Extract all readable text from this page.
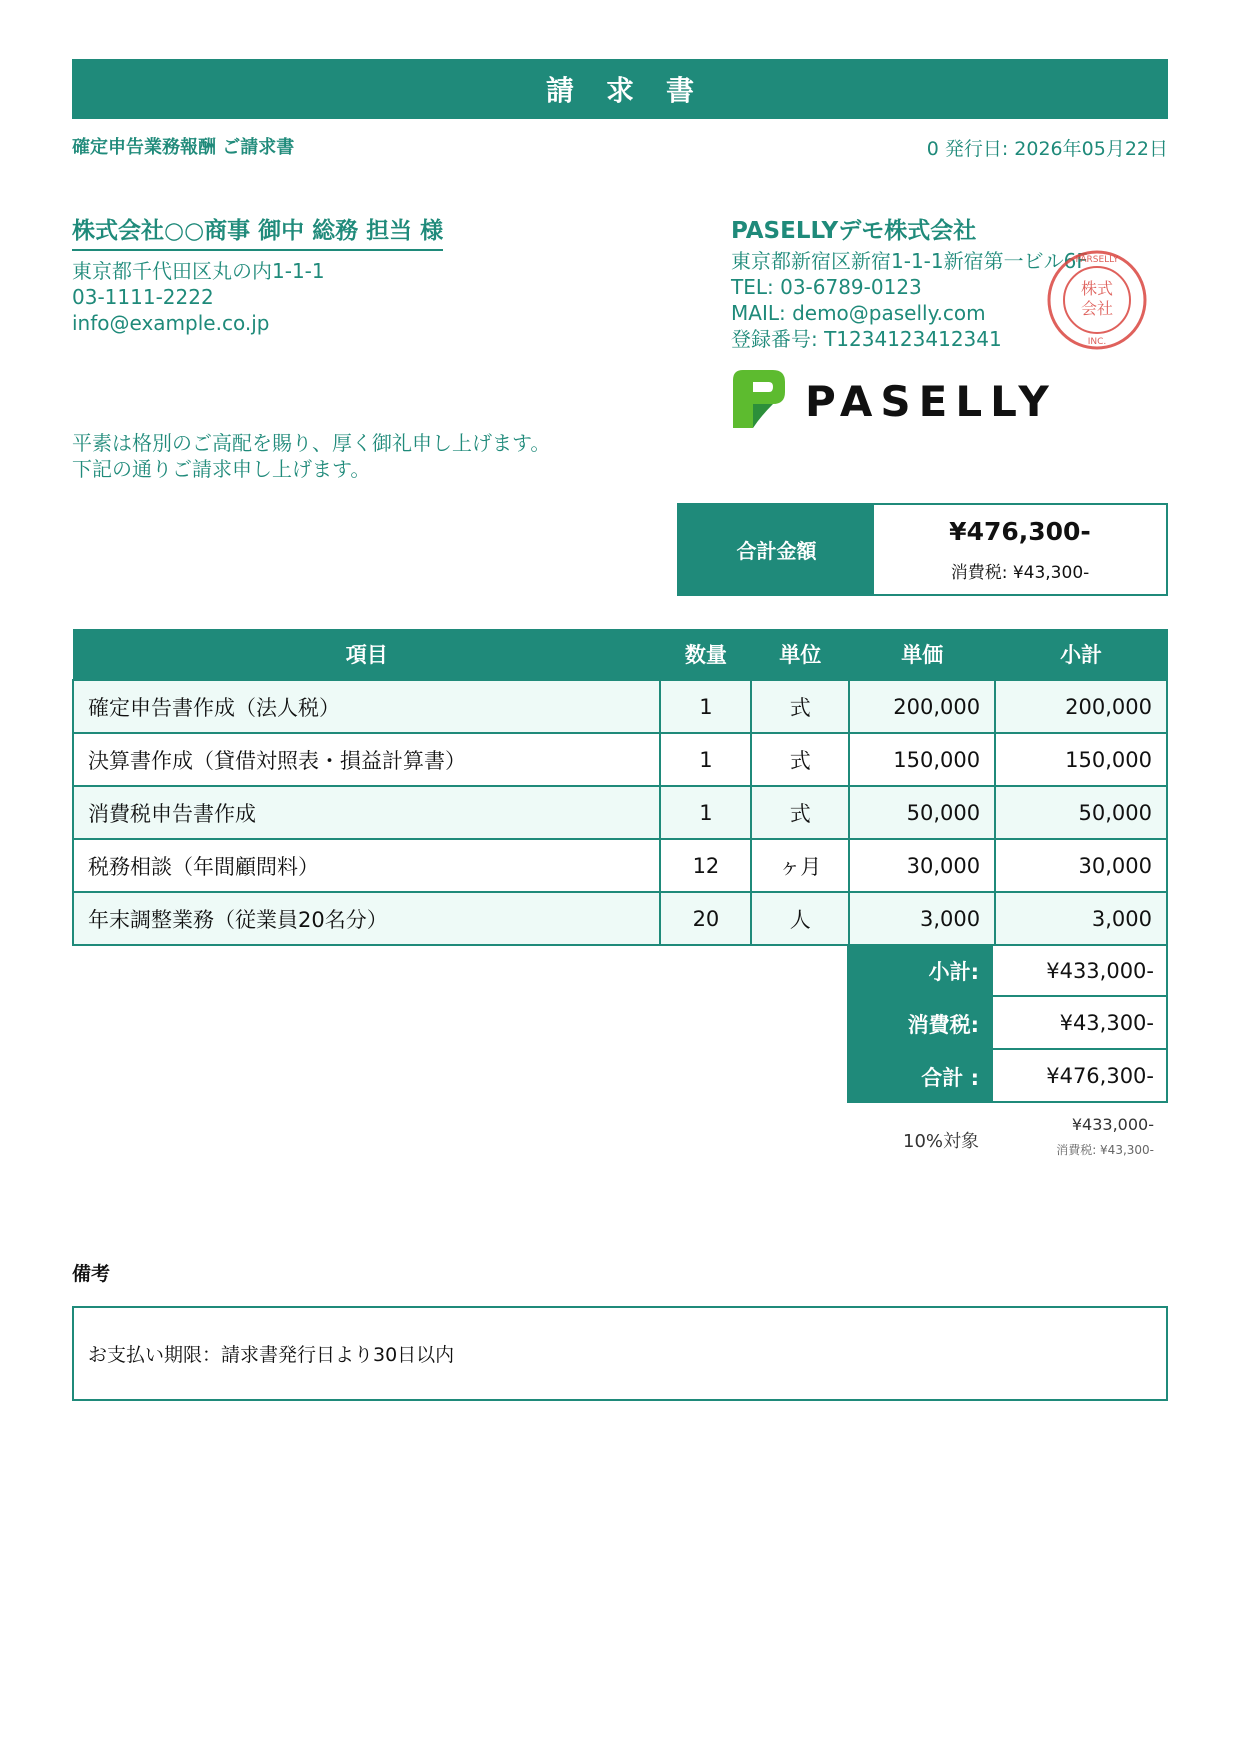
請求書
確定申告業務報酬 ご請求書	0 発行日: 2026年05月22日
株式会社○○商事 御中 総務 担当 様
東京都千代田区丸の内1-1-1
03-1111-2222
info@example.co.jp
平素は格別のご高配を賜り、厚く御礼申し上げます。
下記の通りご請求申し上げます。
PASELLYデモ株式会社
東京都新宿区新宿1-1-1新宿第一ビル6F
TEL: 03-6789-0123
MAIL: demo@paselly.com
登録番号: T1234123412341
株式
会社
INC.
PARSELLY
PASELLY
合計金額
¥476,300-
消費税: ¥43,300-
項目	数量	単位	単価	小計
確定申告書作成（法人税）	1	式	200,000	200,000
決算書作成（貸借対照表・損益計算書）	1	式	150,000	150,000
消費税申告書作成	1	式	50,000	50,000
税務相談（年間顧問料）	12	ヶ月	30,000	30,000
年末調整業務（従業員20名分）	20	人	3,000	3,000
小計:	¥433,000-
消費税:	¥43,300-
合計 :	¥476,300-
10%対象
¥433,000-
消費税: ¥43,300-
備考
お支払い期限：請求書発行日より30日以内
